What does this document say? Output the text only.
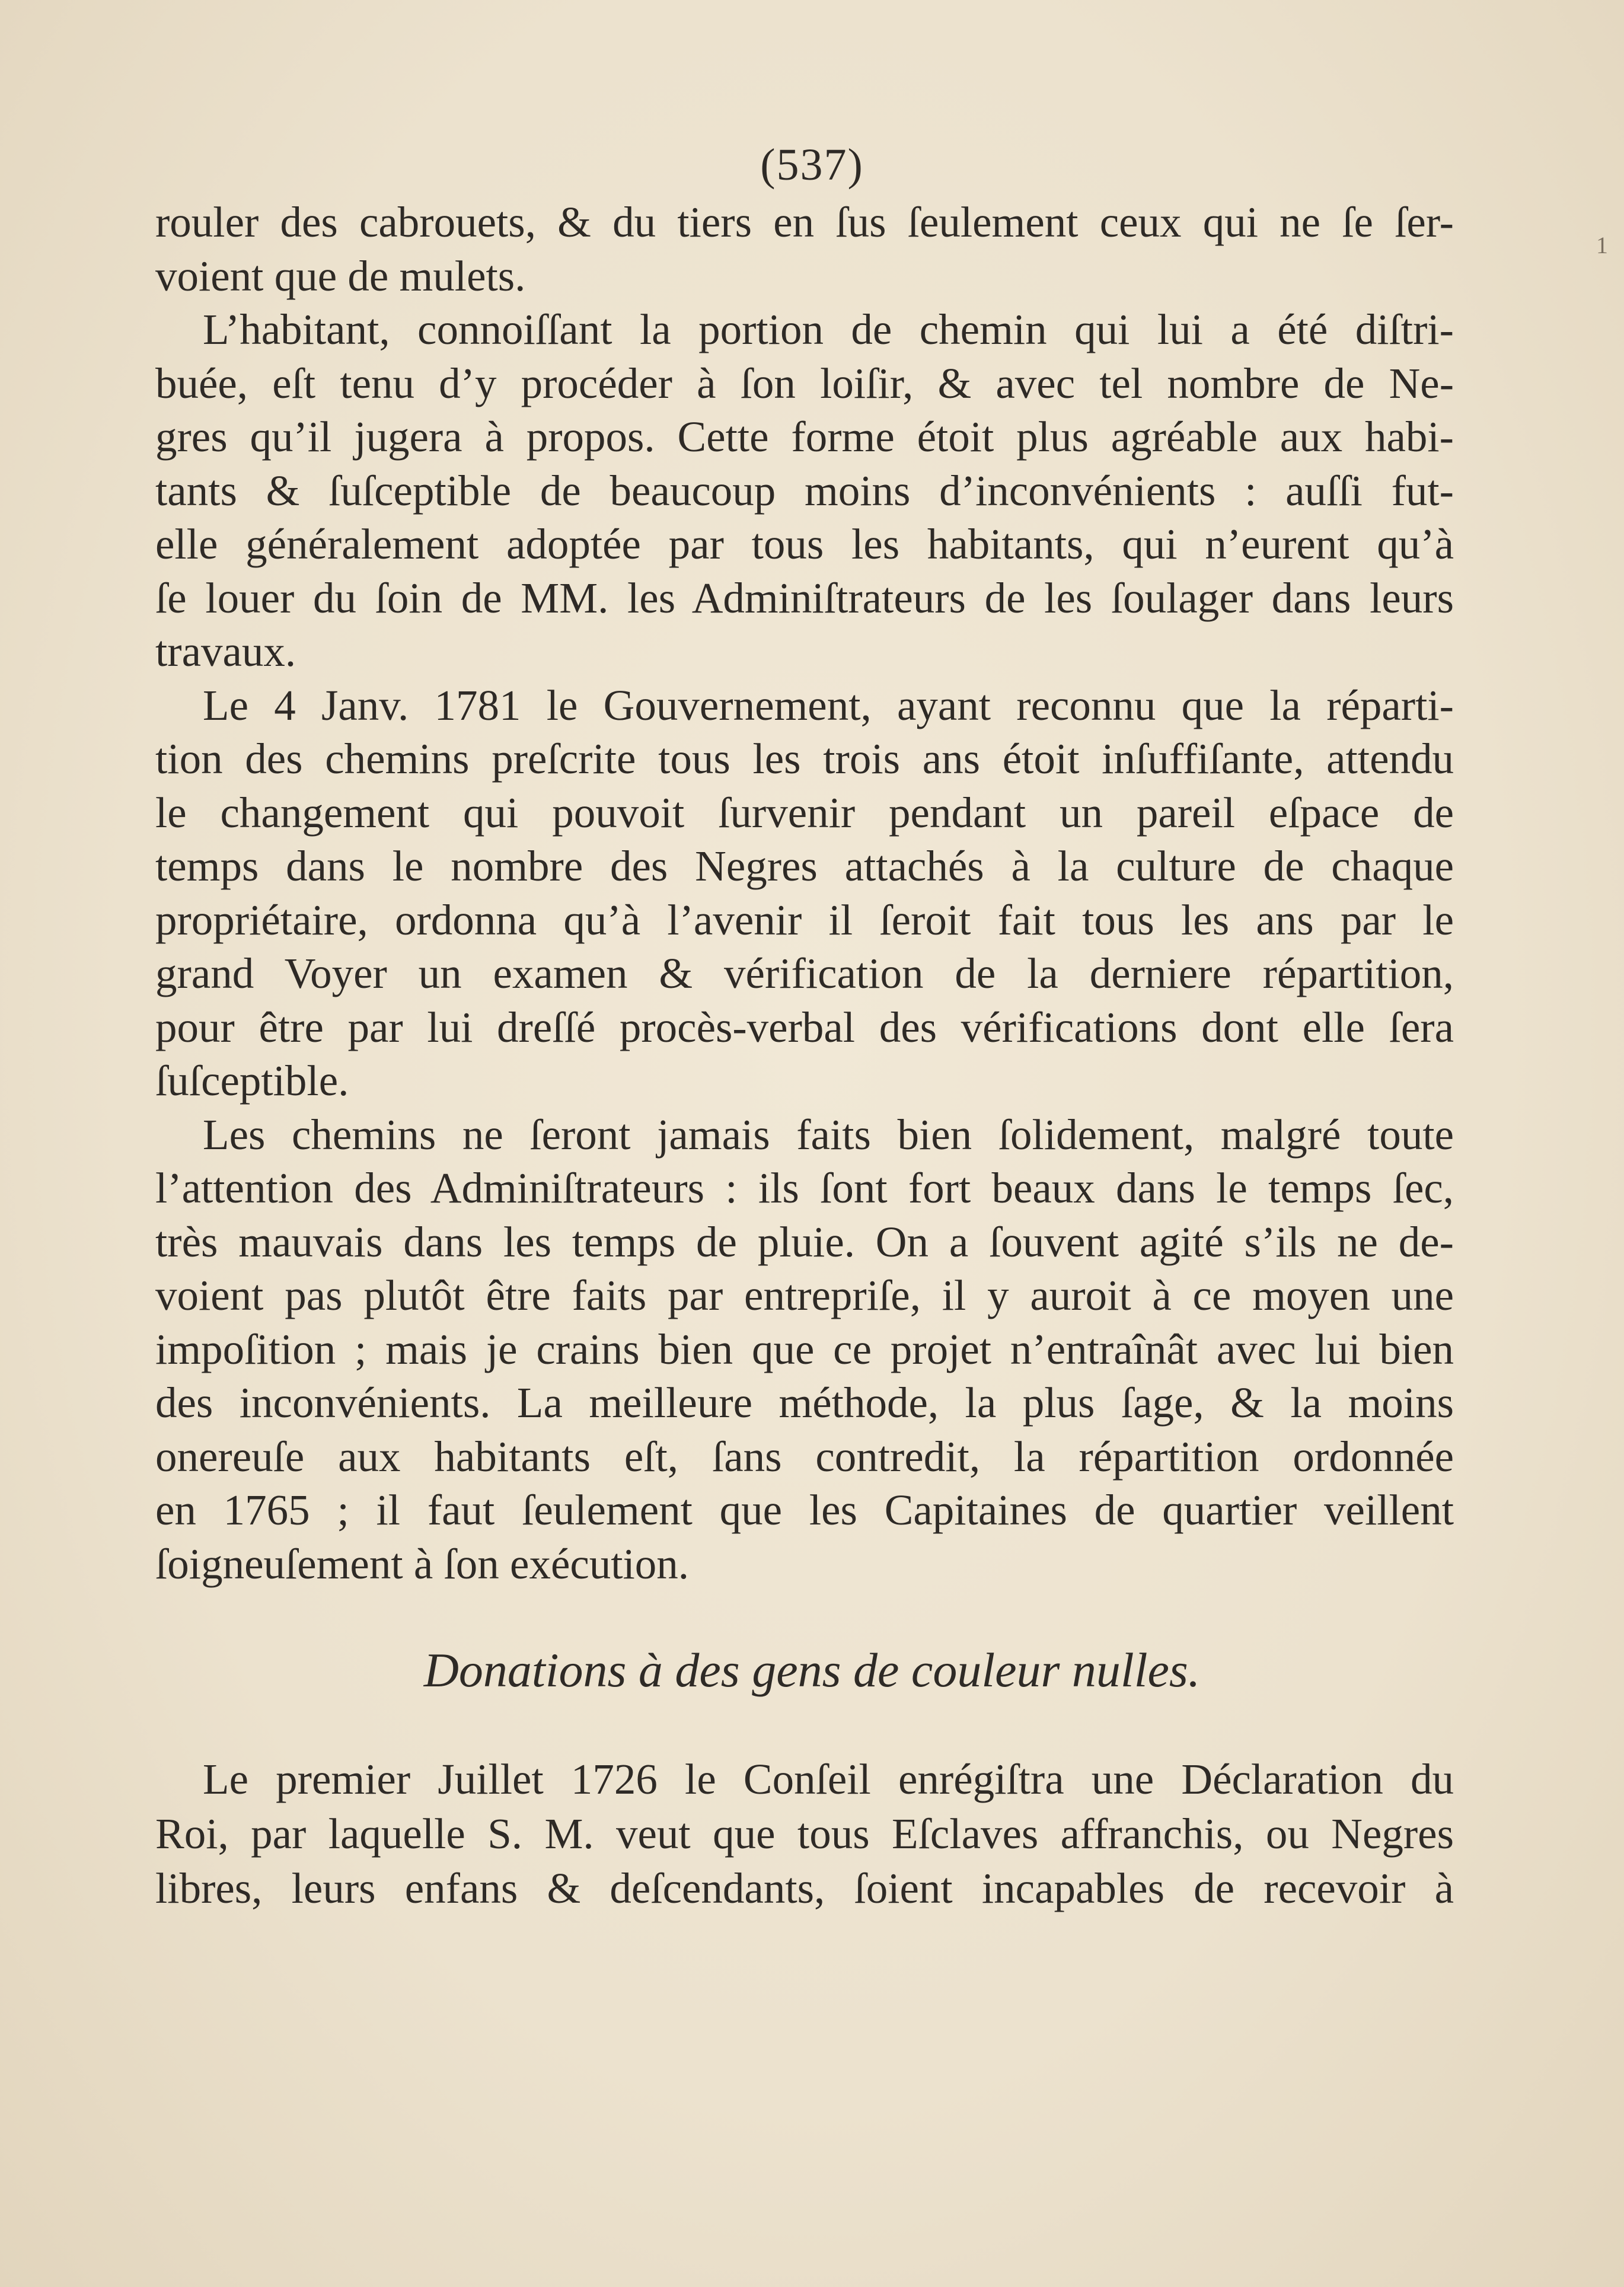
(537)
1
rouler des cabrouets, & du tiers en ſus ſeulement ceux qui ne ſe ſer-
voient que de mulets.
L’habitant, connoiſſant la portion de chemin qui lui a été diſtri-
buée, eſt tenu d’y procéder à ſon loiſir, & avec tel nombre de Ne-
gres qu’il jugera à propos. Cette forme étoit plus agréable aux habi-
tants & ſuſceptible de beaucoup moins d’inconvénients : auſſi fut-
elle généralement adoptée par tous les habitants, qui n’eurent qu’à
ſe louer du ſoin de MM. les Adminiſtrateurs de les ſoulager dans leurs
travaux.
Le 4 Janv. 1781 le Gouvernement, ayant reconnu que la réparti-
tion des chemins preſcrite tous les trois ans étoit inſuffiſante, attendu
le changement qui pouvoit ſurvenir pendant un pareil eſpace de
temps dans le nombre des Negres attachés à la culture de chaque
propriétaire, ordonna qu’à l’avenir il ſeroit fait tous les ans par le
grand Voyer un examen & vérification de la derniere répartition,
pour être par lui dreſſé procès-verbal des vérifications dont elle ſera
ſuſceptible.
Les chemins ne ſeront jamais faits bien ſolidement, malgré toute
l’attention des Adminiſtrateurs : ils ſont fort beaux dans le temps ſec,
très mauvais dans les temps de pluie. On a ſouvent agité s’ils ne de-
voient pas plutôt être faits par entrepriſe, il y auroit à ce moyen une
impoſition ; mais je crains bien que ce projet n’entraînât avec lui bien
des inconvénients. La meilleure méthode, la plus ſage, & la moins
onereuſe aux habitants eſt, ſans contredit, la répartition ordonnée
en 1765 ; il faut ſeulement que les Capitaines de quartier veillent
ſoigneuſement à ſon exécution.
Donations à des gens de couleur nulles.
Le premier Juillet 1726 le Conſeil enrégiſtra une Déclaration du
Roi, par laquelle S. M. veut que tous Eſclaves affranchis, ou Negres
libres, leurs enfans & deſcendants, ſoient incapables de recevoir à
